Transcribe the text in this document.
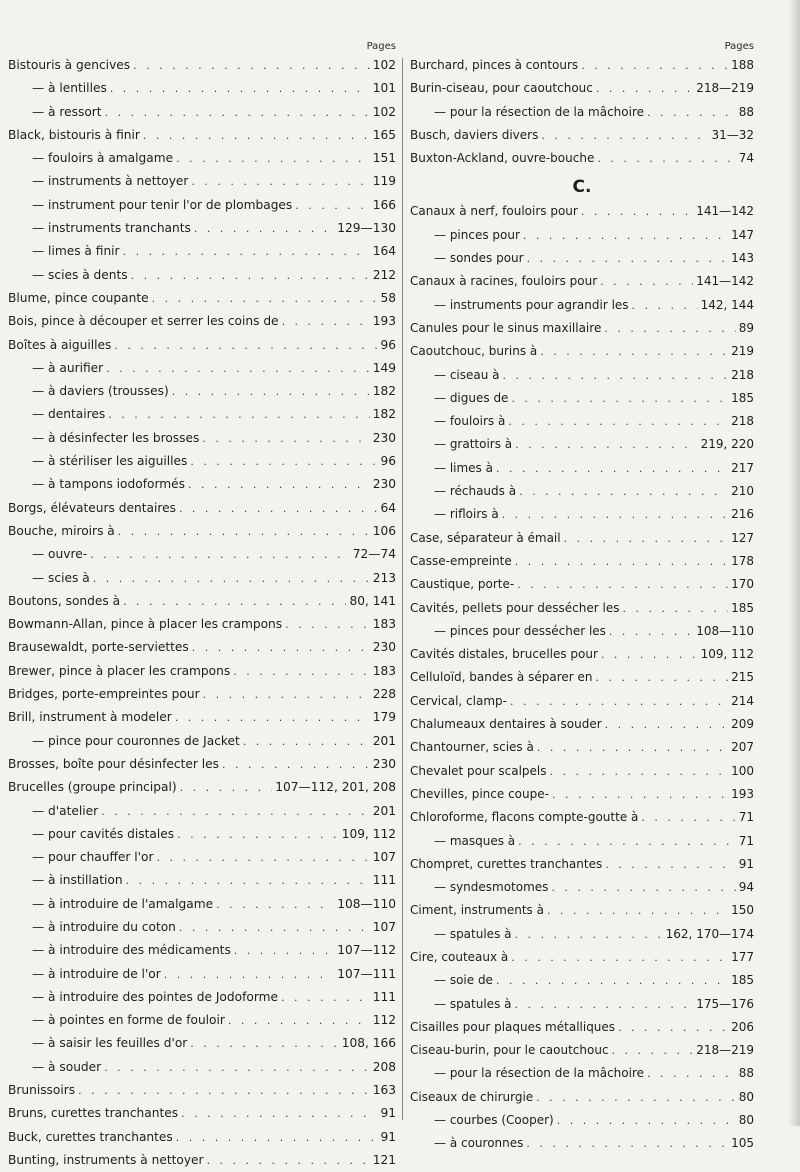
Pages
Bistouris à gencives . . .	102
— à lentilles . . .	101
— à ressort . . .	102
Black, bistouris à finir . . .	165
— fouloirs à amalgame . . .	151
— instruments à nettoyer . . .	119
— instrument pour tenir l'or de plombages . . .	166
— instruments tranchants . . .	129—130
— limes à finir . . .	164
— scies à dents . . .	212
Blume, pince coupante . . .	58
Bois, pince à découper et serrer les coins de . . .	193
Boîtes à aiguilles . . .	96
— à aurifier . . .	149
— à daviers (trousses) . . .	182
— dentaires . . .	182
— à désinfecter les brosses . . .	230
— à stériliser les aiguilles . . .	96
— à tampons iodoformés . . .	230
Borgs, élévateurs dentaires . . .	64
Bouche, miroirs à . . .	106
— ouvre- . . .	72—74
— scies à . . .	213
Boutons, sondes à . . .	80, 141
Bowmann-Allan, pince à placer les crampons . . .	183
Brausewaldt, porte-serviettes . . .	230
Brewer, pince à placer les crampons . . .	183
Bridges, porte-empreintes pour . . .	228
Brill, instrument à modeler . . .	179
— pince pour couronnes de Jacket . . .	201
Brosses, boîte pour désinfecter les . . .	230
Brucelles (groupe principal) . . .	107—112, 201, 208
— d'atelier . . .	201
— pour cavités distales . . .	109, 112
— pour chauffer l'or . . .	107
— à instillation . . .	111
— à introduire de l'amalgame . . .	108—110
— à introduire du coton . . .	107
— à introduire des médicaments . . .	107—112
— à introduire de l'or . . .	107—111
— à introduire des pointes de Jodoforme . . .	111
— à pointes en forme de fouloir . . .	112
— à saisir les feuilles d'or . . .	108, 166
— à souder . . .	208
Brunissoirs . . .	163
Bruns, curettes tranchantes . . .	91
Buck, curettes tranchantes . . .	91
Bunting, instruments à nettoyer . . .	121
Pages
Burchard, pinces à contours . . .	188
Burin-ciseau, pour caoutchouc . . .	218—219
— pour la résection de la mâchoire . . .	88
Busch, daviers divers . . .	31—32
Buxton-Ackland, ouvre-bouche . . .	74
C.
Canaux à nerf, fouloirs pour . . .	141—142
— pinces pour . . .	147
— sondes pour . . .	143
Canaux à racines, fouloirs pour . . .	141—142
— instruments pour agrandir les . . .	142, 144
Canules pour le sinus maxillaire . . .	89
Caoutchouc, burins à . . .	219
— ciseau à . . .	218
— digues de . . .	185
— fouloirs à . . .	218
— grattoirs à . . .	219, 220
— limes à . . .	217
— réchauds à . . .	210
— rifloirs à . . .	216
Case, séparateur à émail . . .	127
Casse-empreinte . . .	178
Caustique, porte- . . .	170
Cavités, pellets pour dessécher les . . .	185
— pinces pour dessécher les . . .	108—110
Cavités distales, brucelles pour . . .	109, 112
Celluloïd, bandes à séparer en . . .	215
Cervical, clamp- . . .	214
Chalumeaux dentaires à souder . . .	209
Chantourner, scies à . . .	207
Chevalet pour scalpels . . .	100
Chevilles, pince coupe- . . .	193
Chloroforme, flacons compte-goutte à . . .	71
— masques à . . .	71
Chompret, curettes tranchantes . . .	91
— syndesmotomes . . .	94
Ciment, instruments à . . .	150
— spatules à . . .	162, 170—174
Cire, couteaux à . . .	177
— soie de . . .	185
— spatules à . . .	175—176
Cisailles pour plaques métalliques . . .	206
Ciseau-burin, pour le caoutchouc . . .	218—219
— pour la résection de la mâchoire . . .	88
Ciseaux de chirurgie . . .	80
— courbes (Cooper) . . .	80
— à couronnes . . .	105
